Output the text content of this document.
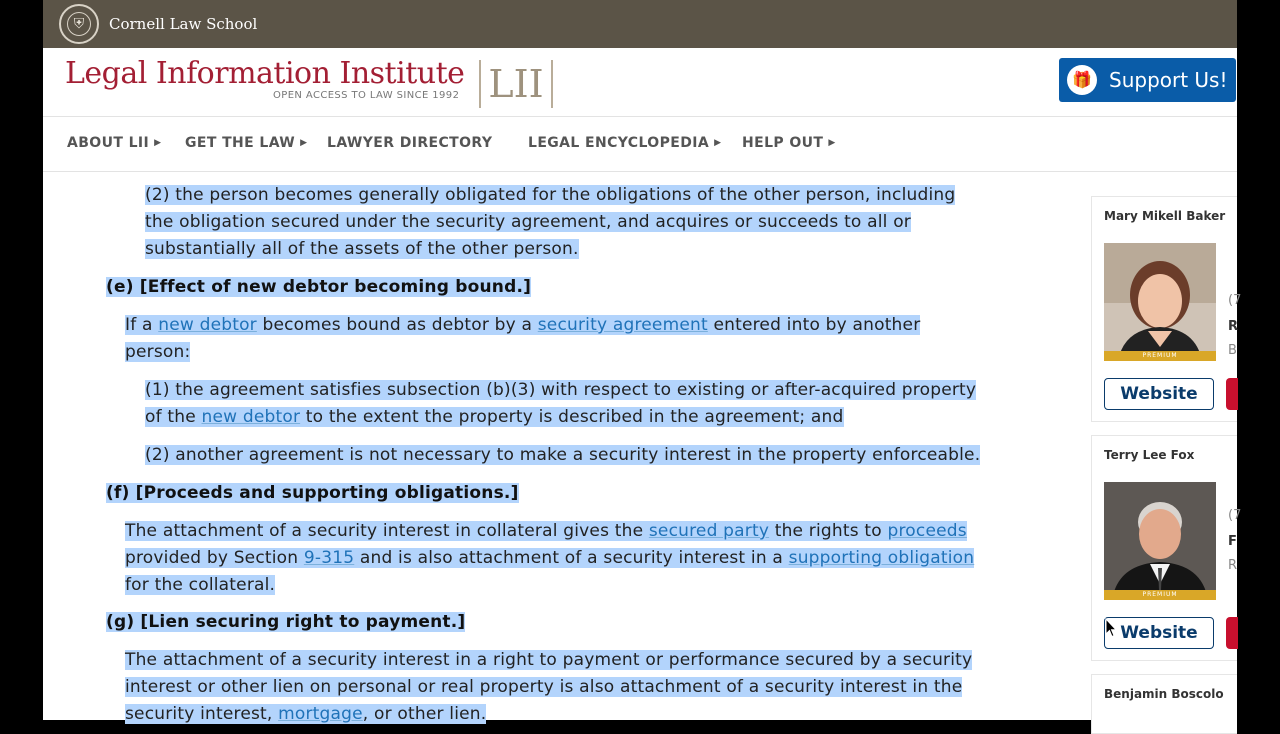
⛨	Cornell Law School
Legal Information Institute
OPEN ACCESS TO LAW SINCE 1992 LII	🎁 Support Us!
ABOUT LII ▶ GET THE LAW ▶ LAWYER DIRECTORY	LEGAL ENCYCLOPEDIA ▶ HELP OUT ▶
(2) the person becomes generally obligated for the obligations of the other person, including
the obligation secured under the security agreement, and acquires or succeeds to all or
substantially all of the assets of the other person.
(e) [Effect of new debtor becoming bound.]
If a new debtor becomes bound as debtor by a security agreement entered into by another
person:
(1) the agreement satisfies subsection (b)(3) with respect to existing or after-acquired property
of the new debtor to the extent the property is described in the agreement; and
(2) another agreement is not necessary to make a security interest in the property enforceable.
(f) [Proceeds and supporting obligations.]
The attachment of a security interest in collateral gives the secured party the rights to proceeds
provided by Section 9-315 and is also attachment of a security interest in a supporting obligation
for the collateral.
(g) [Lien securing right to payment.]
The attachment of a security interest in a right to payment or performance secured by a security
interest or other lien on personal or real property is also attachment of a security interest in the
security interest, mortgage, or other lien.
Mary Mikell Baker
PREMIUM
Website
(7
R
B
Terry Lee Fox
PREMIUM
Website
(7
F
R
Benjamin Boscolo
